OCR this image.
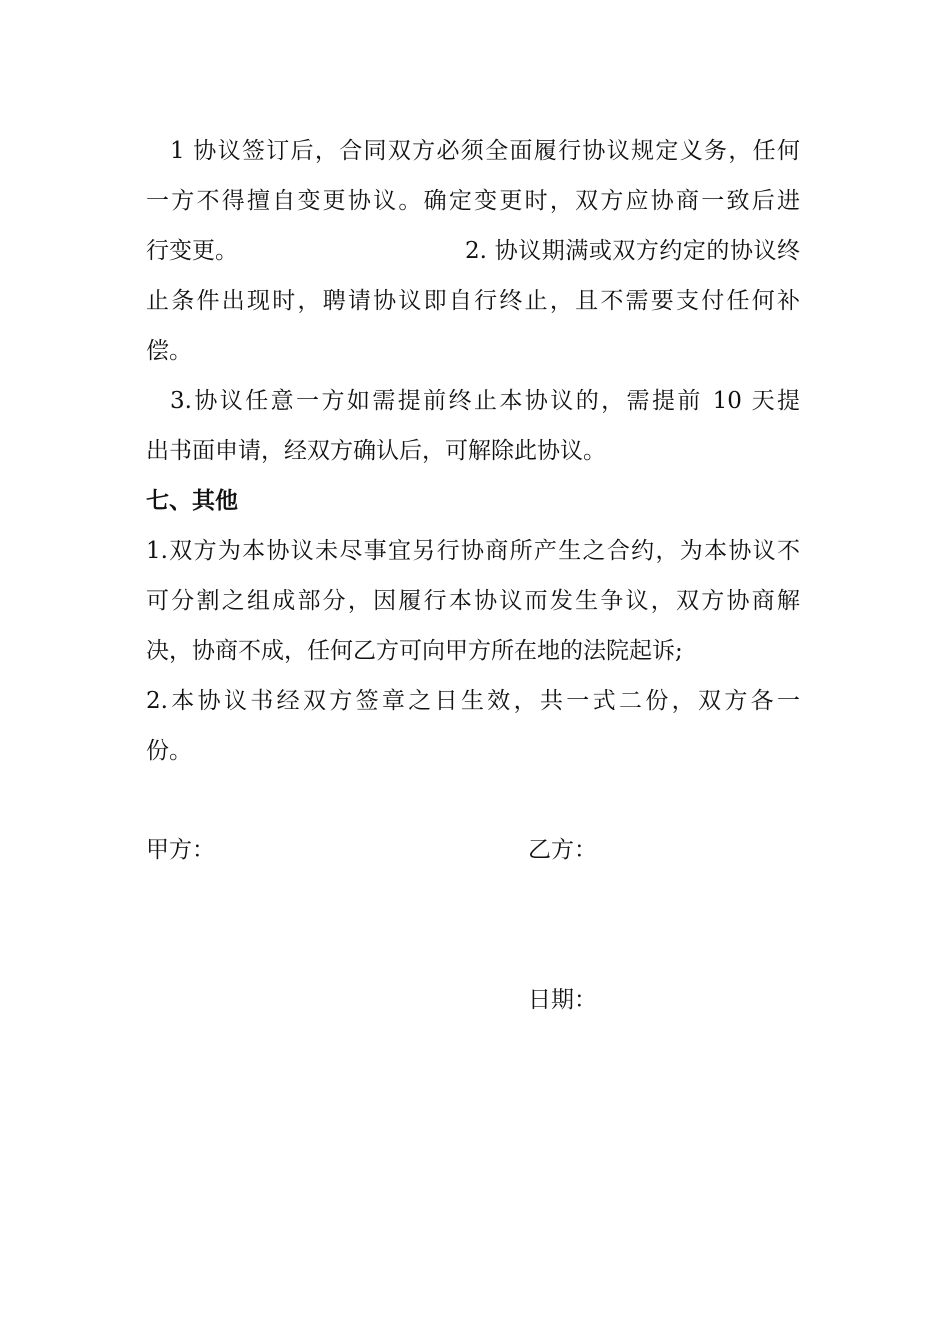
1 协议签订后，合同双方必须全面履行协议规定义务，任何
一方不得擅自变更协议。确定变更时，双方应协商一致后进
行变更。	2. 协议期满或双方约定的协议终
止条件出现时，聘请协议即自行终止，且不需要支付任何补
偿。
3.协议任意一方如需提前终止本协议的，需提前 10 天提
出书面申请，经双方确认后，可解除此协议。
七、其他
1.双方为本协议未尽事宜另行协商所产生之合约，为本协议不
可分割之组成部分，因履行本协议而发生争议，双方协商解
决，协商不成，任何乙方可向甲方所在地的法院起诉;
2.本协议书经双方签章之日生效，共一式二份，双方各一
份。
甲方：	乙方：
日期：
